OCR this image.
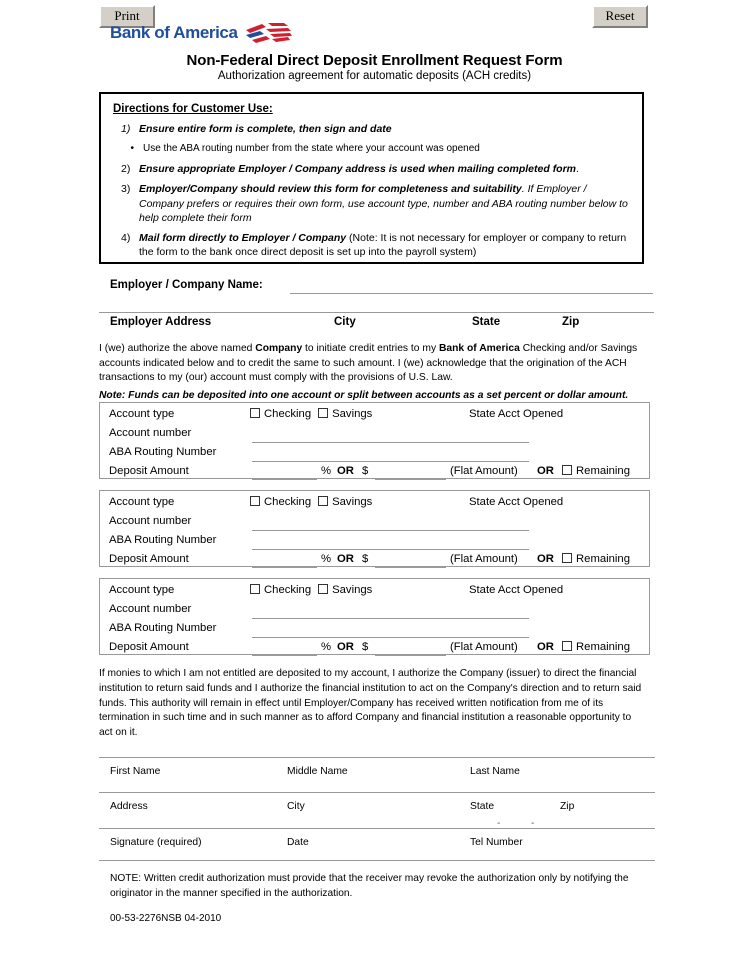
Print	Reset
Bank of America
Non-Federal Direct Deposit Enrollment Request Form
Authorization agreement for automatic deposits (ACH credits)
Directions for Customer Use:
1) Ensure entire form is complete, then sign and date
• Use the ABA routing number from the state where your account was opened
2) Ensure appropriate Employer / Company address is used when mailing completed form.
3) Employer/Company should review this form for completeness and suitability. If Employer / Company prefers or requires their own form, use account type, number and ABA routing number below to help complete their form
4) Mail form directly to Employer / Company (Note: It is not necessary for employer or company to return the form to the bank once direct deposit is set up into the payroll system)
Employer / Company Name:
Employer Address	City	State	Zip
I (we) authorize the above named Company to initiate credit entries to my Bank of America Checking and/or Savings accounts indicated below and to credit the same to such amount. I (we) acknowledge that the origination of the ACH transactions to my (our) account must comply with the provisions of U.S. Law.
Note: Funds can be deposited into one account or split between accounts as a set percent or dollar amount.
Account type	Checking Savings	State Acct Opened
Account number
ABA Routing Number
Deposit Amount	% OR $	(Flat Amount) OR	Remaining
Account type	Checking Savings	State Acct Opened
Account number
ABA Routing Number
Deposit Amount	% OR $	(Flat Amount) OR	Remaining
Account type	Checking Savings	State Acct Opened
Account number
ABA Routing Number
Deposit Amount	% OR $	(Flat Amount) OR	Remaining
If monies to which I am not entitled are deposited to my account, I authorize the Company (issuer) to direct the financial institution to return said funds and I authorize the financial institution to act on the Company's direction and to return said funds. This authority will remain in effect until Employer/Company has received written notification from me of its termination in such time and in such manner as to afford Company and financial institution a reasonable opportunity to act on it.
First Name	Middle Name	Last Name
Address	City	State	Zip
-	-
Signature (required)	Date	Tel Number
NOTE: Written credit authorization must provide that the receiver may revoke the authorization only by notifying the originator in the manner specified in the authorization.
00-53-2276NSB 04-2010
